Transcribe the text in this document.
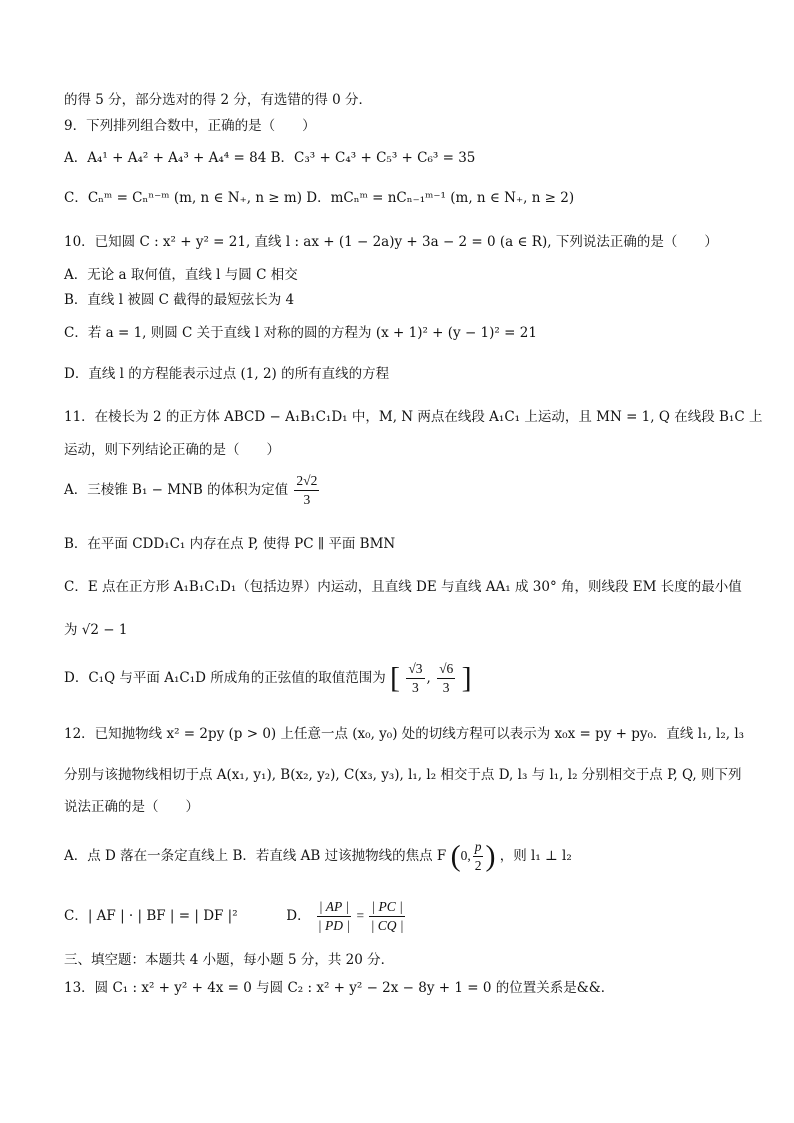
的得 5 分，部分选对的得 2 分，有选错的得 0 分．
9．下列排列组合数中，正确的是（　　）
A．A₄¹ + A₄² + A₄³ + A₄⁴ = 84 B．C₃³ + C₄³ + C₅³ + C₆³ = 35
C．Cₙᵐ = Cₙⁿ⁻ᵐ (m, n ∈ N₊, n ≥ m) D．mCₙᵐ = nCₙ₋₁ᵐ⁻¹ (m, n ∈ N₊, n ≥ 2)
10．已知圆 C : x² + y² = 21, 直线 l : ax + (1 − 2a)y + 3a − 2 = 0 (a ∈ R), 下列说法正确的是（　　）
A．无论 a 取何值，直线 l 与圆 C 相交
B．直线 l 被圆 C 截得的最短弦长为 4
C．若 a = 1, 则圆 C 关于直线 l 对称的圆的方程为 (x + 1)² + (y − 1)² = 21
D．直线 l 的方程能表示过点 (1, 2) 的所有直线的方程
11．在棱长为 2 的正方体 ABCD − A₁B₁C₁D₁ 中，M, N 两点在线段 A₁C₁ 上运动，且 MN = 1, Q 在线段 B₁C 上
运动，则下列结论正确的是（　　）
A．三棱锥 B₁ − MNB 的体积为定值 $\frac{2√2}{3}$
B．在平面 CDD₁C₁ 内存在点 P, 使得 PC ∥ 平面 BMN
C．E 点在正方形 A₁B₁C₁D₁（包括边界）内运动，且直线 DE 与直线 AA₁ 成 30° 角，则线段 EM 长度的最小值
为 √2 − 1
D．C₁Q 与平面 A₁C₁D 所成角的正弦值的取值范围为 [ $\frac{√3}{3}$ , $\frac{√6}{3}$ ]
12．已知抛物线 x² = 2py (p > 0) 上任意一点 (x₀, y₀) 处的切线方程可以表示为 x₀x = py + py₀．直线 l₁, l₂, l₃
分别与该抛物线相切于点 A(x₁, y₁), B(x₂, y₂), C(x₃, y₃), l₁, l₂ 相交于点 D, l₃ 与 l₁, l₂ 分别相交于点 P, Q, 则下列
说法正确的是（　　）
A．点 D 落在一条定直线上 B．若直线 AB 过该抛物线的焦点 F (0, $\frac{p}{2}$ ) ，则 l₁ ⊥ l₂
C．| AF | · | BF | = | DF |²	D． $\frac{| AP |}{| PD |} = \frac{| PC |}{| CQ |}$
三、填空题：本题共 4 小题，每小题 5 分，共 20 分．
13．圆 C₁ : x² + y² + 4x = 0 与圆 C₂ : x² + y² − 2x − 8y + 1 = 0 的位置关系是&&．
